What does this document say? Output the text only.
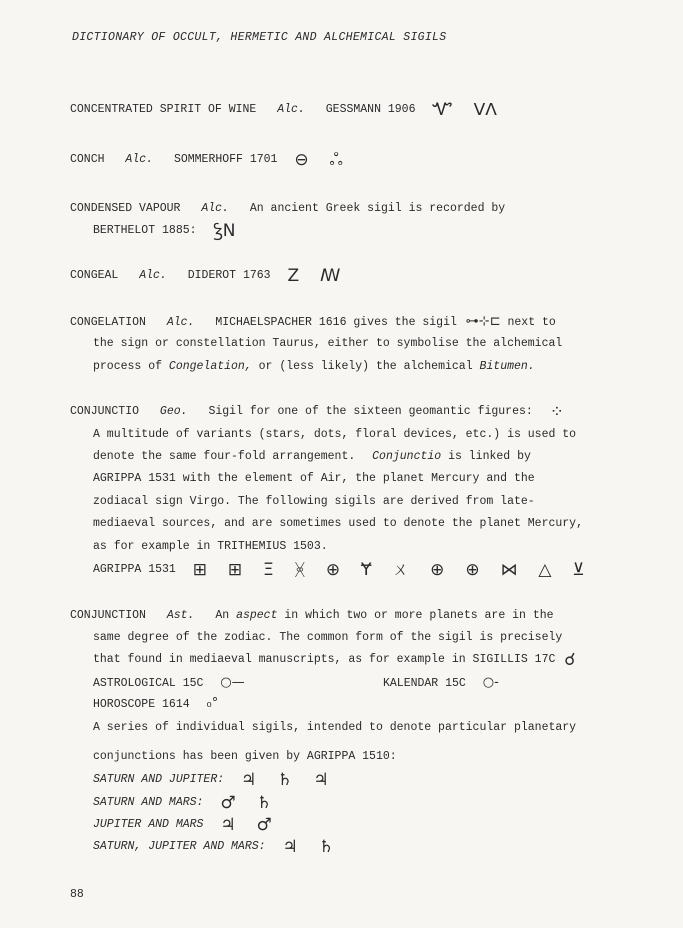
DICTIONARY OF OCCULT, HERMETIC AND ALCHEMICAL SIGILS
CONCENTRATED SPIRIT OF WINE Alc. GESSMANN 1906 Ꮙ ᐯᐱ
CONCH Alc. SOMMERHOFF 1701 ⊖ ஃ
CONDENSED VAPOUR Alc. An ancient Greek sigil is recorded by
BERTHELOT 1885: ꝢN
CONGEAL Alc. DIDEROT 1763 Z ꟿ
CONGELATION Alc. MICHAELSPACHER 1616 gives the sigil ⊶⊹⊏ next to
the sign or constellation Taurus, either to symbolise the alchemical
process of Congelation, or (less likely) the alchemical Bitumen.
CONJUNCTIO Geo. Sigil for one of the sixteen geomantic figures: ⁘
A multitude of variants (stars, dots, floral devices, etc.) is used to
denote the same four-fold arrangement. Conjunctio is linked by
AGRIPPA 1531 with the element of Air, the planet Mercury and the
zodiacal sign Virgo. The following sigils are derived from late-
mediaeval sources, and are sometimes used to denote the planet Mercury,
as for example in TRITHEMIUS 1503.
AGRIPPA 1531 ⊞ ⊞ Ξ ᚸ ⊕ Ɏ ㄨ ⊕ ⊕ ⋈ △ ⊻
CONJUNCTION Ast. An aspect in which two or more planets are in the
same degree of the zodiac. The common form of the sigil is precisely
that found in mediaeval manuscripts, as for example in SIGILLIS 17C ☌
ASTROLOGICAL 15C ○—	KALENDAR 15C ○-
HOROSCOPE 1614 ₀°
A series of individual sigils, intended to denote particular planetary
conjunctions has been given by AGRIPPA 1510:
SATURN AND JUPITER: ♃ ♄ ♃
SATURN AND MARS: ♂ ♄
JUPITER AND MARS ♃ ♂
SATURN, JUPITER AND MARS: ♃ ♄
88
